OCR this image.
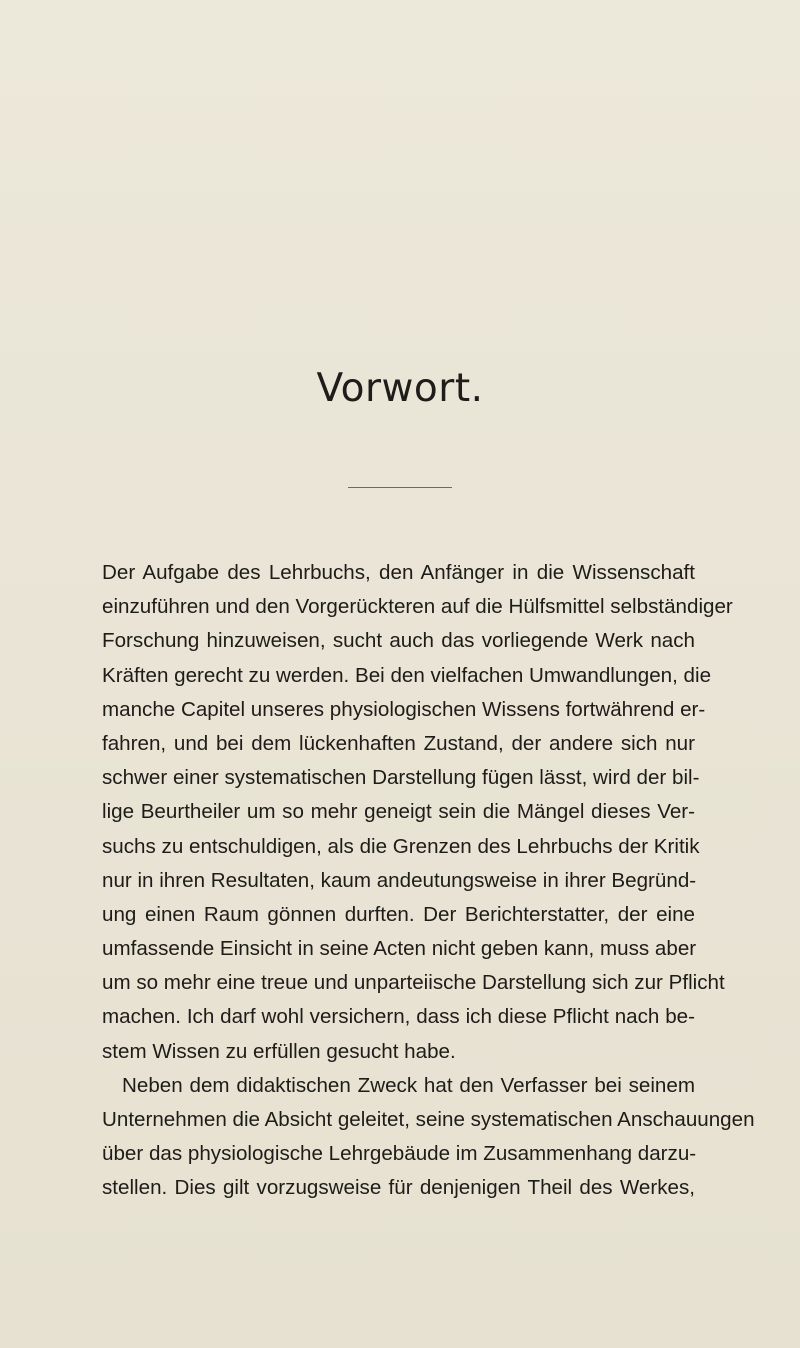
Vorwort.
Der Aufgabe des Lehrbuchs, den Anfänger in die Wissenschaft
einzuführen und den Vorgerückteren auf die Hülfsmittel selbständiger
Forschung hinzuweisen, sucht auch das vorliegende Werk nach
Kräften gerecht zu werden. Bei den vielfachen Umwandlungen, die
manche Capitel unseres physiologischen Wissens fortwährend er-
fahren, und bei dem lückenhaften Zustand, der andere sich nur
schwer einer systematischen Darstellung fügen lässt, wird der bil-
lige Beurtheiler um so mehr geneigt sein die Mängel dieses Ver-
suchs zu entschuldigen, als die Grenzen des Lehrbuchs der Kritik
nur in ihren Resultaten, kaum andeutungsweise in ihrer Begründ-
ung einen Raum gönnen durften. Der Berichterstatter, der eine
umfassende Einsicht in seine Acten nicht geben kann, muss aber
um so mehr eine treue und unparteiische Darstellung sich zur Pflicht
machen. Ich darf wohl versichern, dass ich diese Pflicht nach be-
stem Wissen zu erfüllen gesucht habe.
Neben dem didaktischen Zweck hat den Verfasser bei seinem
Unternehmen die Absicht geleitet, seine systematischen Anschauungen
über das physiologische Lehrgebäude im Zusammenhang darzu-
stellen. Dies gilt vorzugsweise für denjenigen Theil des Werkes,
